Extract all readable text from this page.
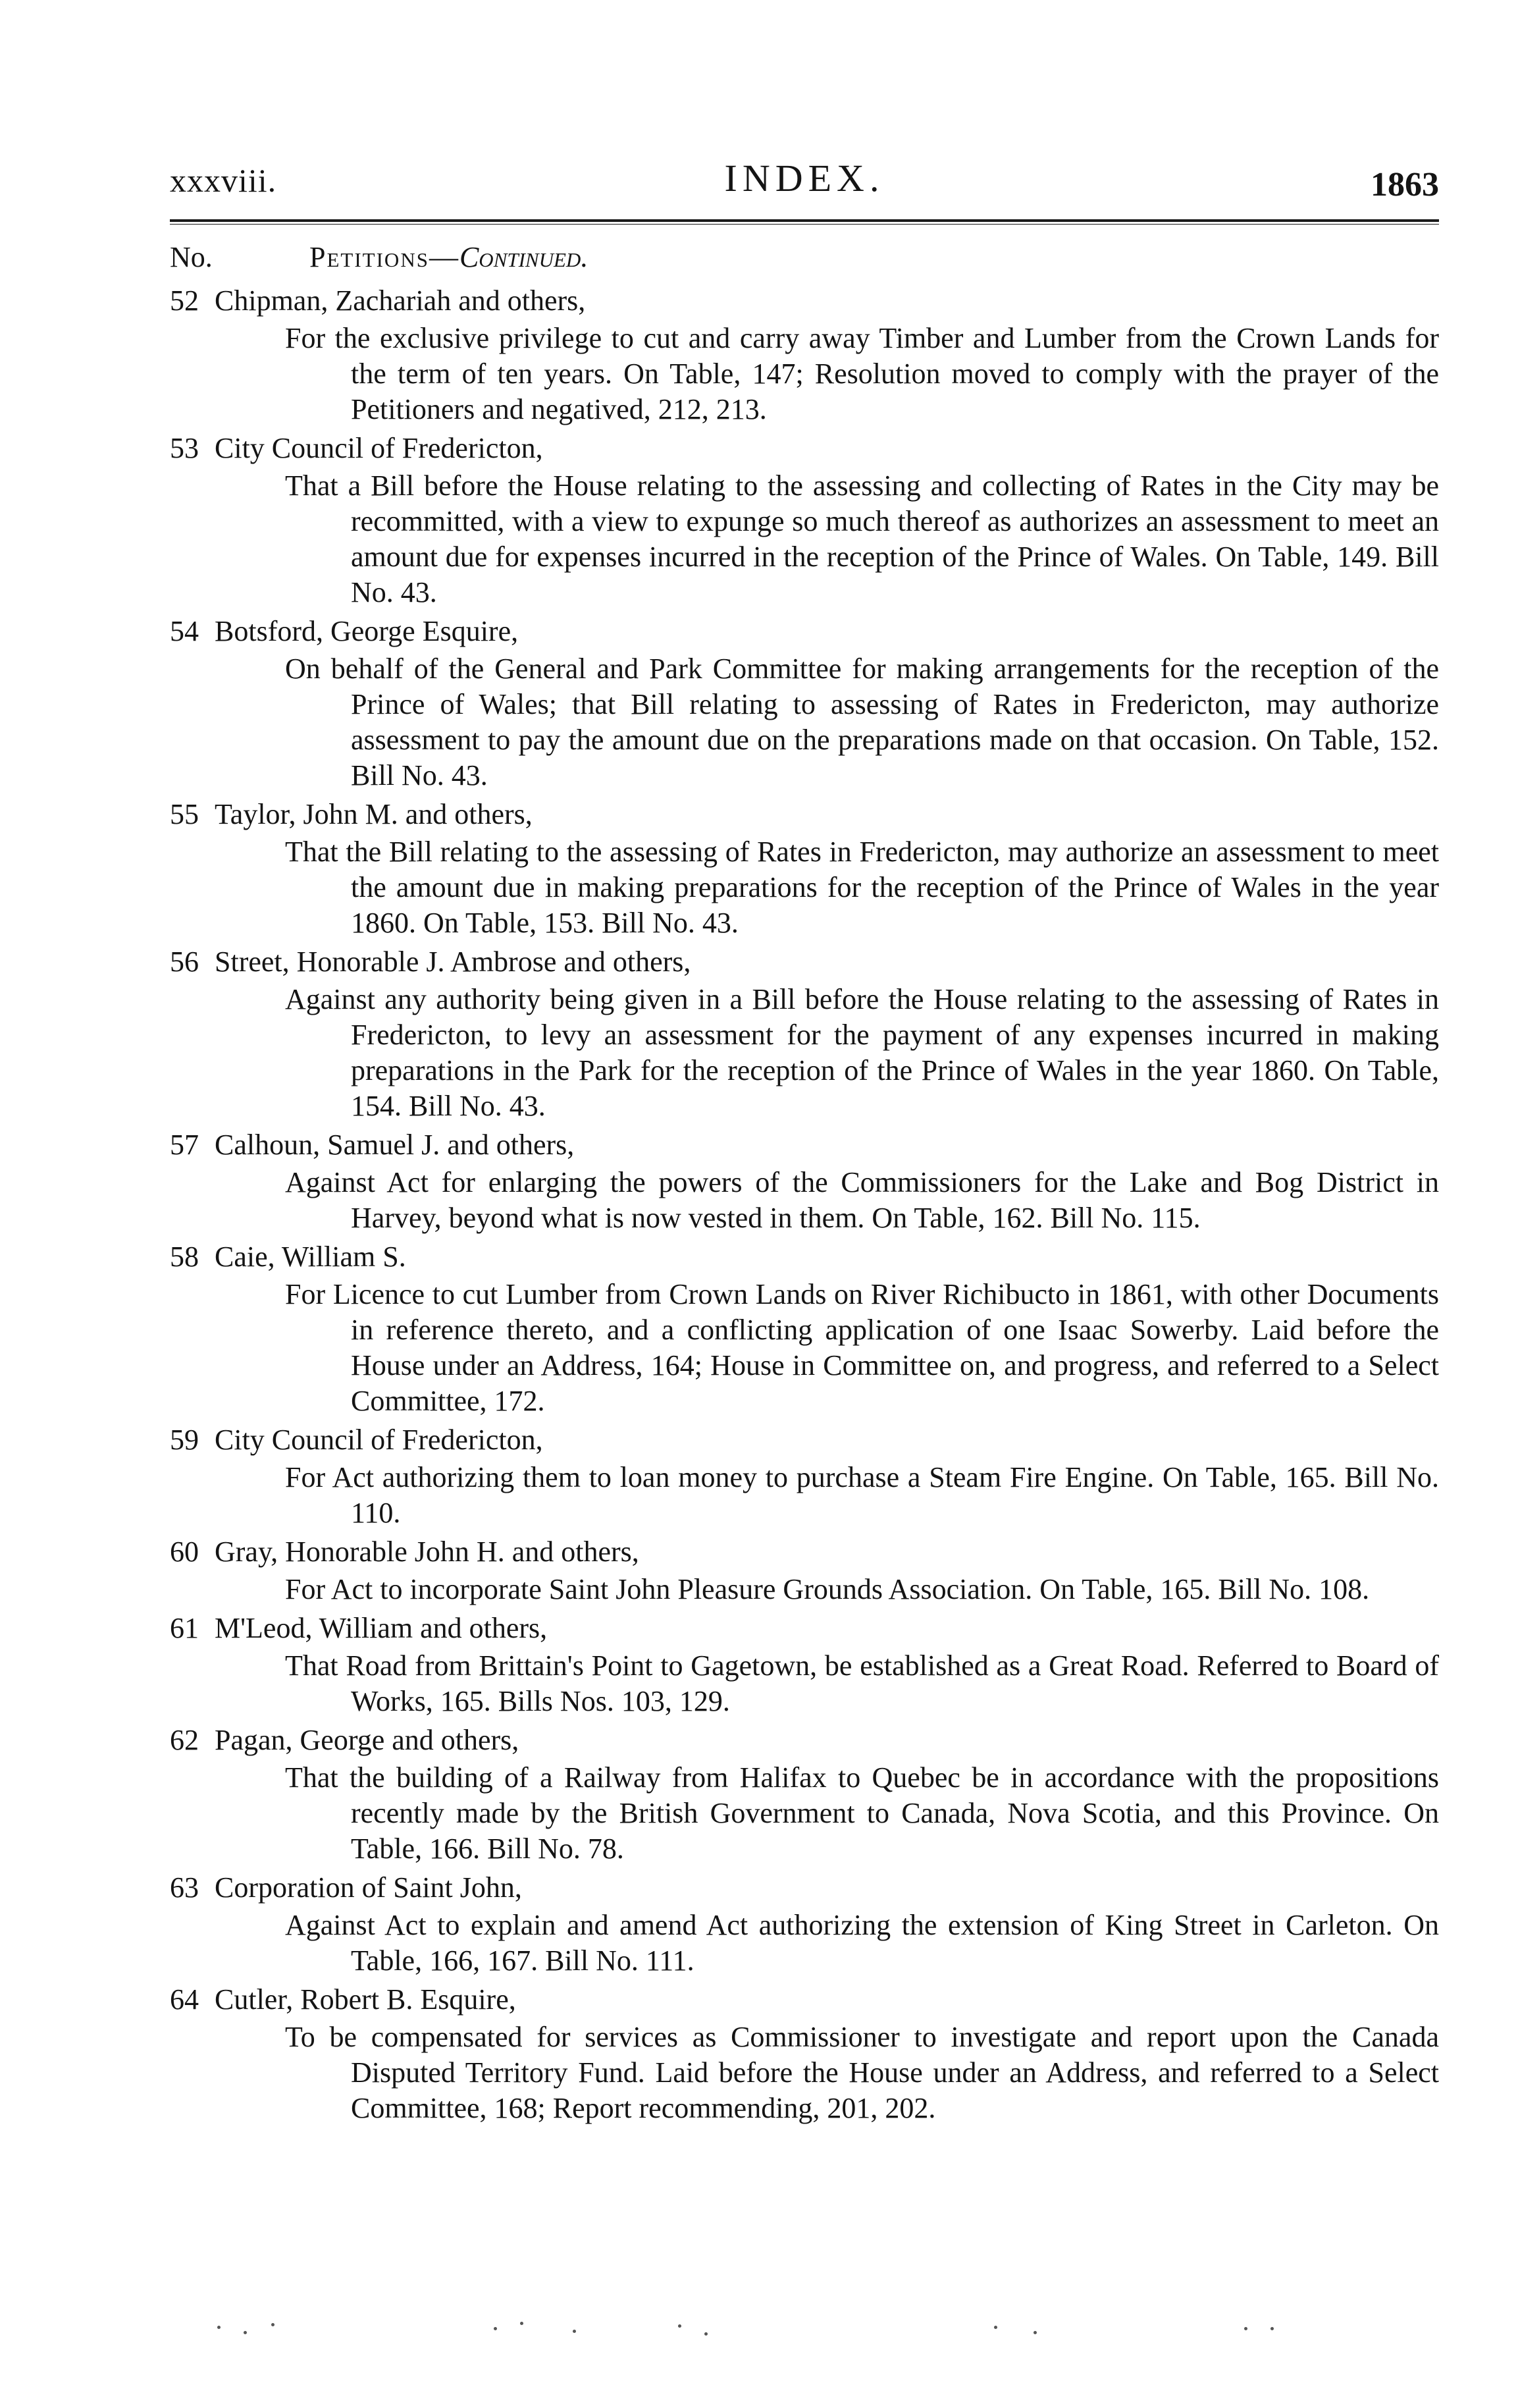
xxxviii.	INDEX.	1863
No.	Petitions—Continued.
52 Chipman, Zachariah and others,

For the exclusive privilege to cut and carry away Timber and Lumber from the Crown Lands for the term of ten years. On Table, 147; Resolution moved to comply with the prayer of the Petitioners and negatived, 212, 213.

53 City Council of Fredericton,

That a Bill before the House relating to the assessing and collecting of Rates in the City may be recommitted, with a view to expunge so much thereof as authorizes an assessment to meet an amount due for expenses incurred in the reception of the Prince of Wales. On Table, 149. Bill No. 43.

54 Botsford, George Esquire,

On behalf of the General and Park Committee for making arrangements for the reception of the Prince of Wales; that Bill relating to assessing of Rates in Fredericton, may authorize assessment to pay the amount due on the preparations made on that occasion. On Table, 152. Bill No. 43.

55 Taylor, John M. and others,

That the Bill relating to the assessing of Rates in Fredericton, may authorize an assessment to meet the amount due in making preparations for the reception of the Prince of Wales in the year 1860. On Table, 153. Bill No. 43.

56 Street, Honorable J. Ambrose and others,

Against any authority being given in a Bill before the House relating to the assessing of Rates in Fredericton, to levy an assessment for the payment of any expenses incurred in making preparations in the Park for the reception of the Prince of Wales in the year 1860. On Table, 154. Bill No. 43.

57 Calhoun, Samuel J. and others,

Against Act for enlarging the powers of the Commissioners for the Lake and Bog District in Harvey, beyond what is now vested in them. On Table, 162. Bill No. 115.

58 Caie, William S.

For Licence to cut Lumber from Crown Lands on River Richibucto in 1861, with other Documents in reference thereto, and a conflicting application of one Isaac Sowerby. Laid before the House under an Address, 164; House in Committee on, and progress, and referred to a Select Committee, 172.

59 City Council of Fredericton,

For Act authorizing them to loan money to purchase a Steam Fire Engine. On Table, 165. Bill No. 110.

60 Gray, Honorable John H. and others,

For Act to incorporate Saint John Pleasure Grounds Association. On Table, 165. Bill No. 108.

61 M'Leod, William and others,

That Road from Brittain's Point to Gagetown, be established as a Great Road. Referred to Board of Works, 165. Bills Nos. 103, 129.

62 Pagan, George and others,

That the building of a Railway from Halifax to Quebec be in accordance with the propositions recently made by the British Government to Canada, Nova Scotia, and this Province. On Table, 166. Bill No. 78.

63 Corporation of Saint John,

Against Act to explain and amend Act authorizing the extension of King Street in Carleton. On Table, 166, 167. Bill No. 111.

64 Cutler, Robert B. Esquire,

To be compensated for services as Commissioner to investigate and report upon the Canada Disputed Territory Fund. Laid before the House under an Address, and referred to a Select Committee, 168; Report recommending, 201, 202.
